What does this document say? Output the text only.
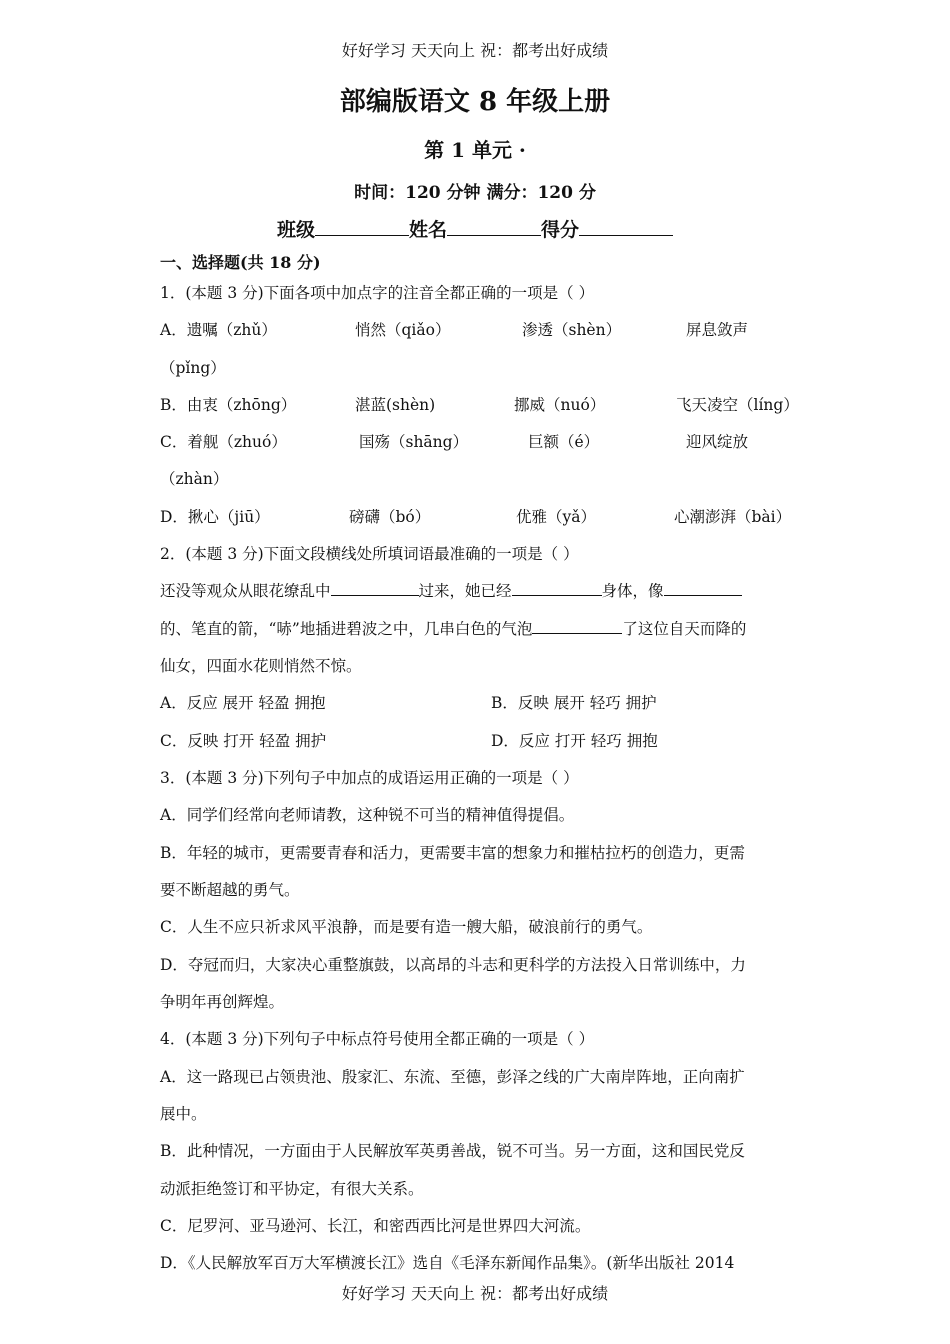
好好学习 天天向上 祝：都考出好成绩
部编版语文 8 年级上册
第 1 单元 ·
时间：120 分钟 满分：120 分
班级	姓名	得分
一、选择题(共 18 分)
1．(本题 3 分)下面各项中加点字的注音全都正确的一项是（ ）
A．遗嘱（zhǔ）	悄然（qiǎo）	渗透（shèn）	屏息敛声
（pǐng）
B．由衷（zhōng）	湛蓝(shèn)	挪威（nuó）	飞天凌空（líng）
C．着舰（zhuó）	国殇（shāng）	巨额（é）	迎风绽放
（zhàn）
D．揪心（jiū）	磅礴（bó）	优雅（yǎ）	心潮澎湃（bài）
2．(本题 3 分)下面文段横线处所填词语最准确的一项是（ ）
还没等观众从眼花缭乱中	过来，她已经	身体，像
的、笔直的箭，“哧”地插进碧波之中，几串白色的气泡	了这位自天而降的
仙女，四面水花则悄然不惊。
A．反应 展开 轻盈 拥抱	B．反映 展开 轻巧 拥护
C．反映 打开 轻盈 拥护	D．反应 打开 轻巧 拥抱
3．(本题 3 分)下列句子中加点的成语运用正确的一项是（ ）
A．同学们经常向老师请教，这种锐不可当的精神值得提倡。
B．年轻的城市，更需要青春和活力，更需要丰富的想象力和摧枯拉朽的创造力，更需
要不断超越的勇气。
C．人生不应只祈求风平浪静，而是要有造一艘大船，破浪前行的勇气。
D．夺冠而归，大家决心重整旗鼓，以高昂的斗志和更科学的方法投入日常训练中，力
争明年再创辉煌。
4．(本题 3 分)下列句子中标点符号使用全都正确的一项是（ ）
A．这一路现已占领贵池、殷家汇、东流、至德，彭泽之线的广大南岸阵地，正向南扩
展中。
B．此种情况，一方面由于人民解放军英勇善战，锐不可当。另一方面，这和国民党反
动派拒绝签订和平协定，有很大关系。
C．尼罗河、亚马逊河、长江，和密西西比河是世界四大河流。
D．《人民解放军百万大军横渡长江》选自《毛泽东新闻作品集》。(新华出版社 2014
好好学习 天天向上 祝：都考出好成绩
